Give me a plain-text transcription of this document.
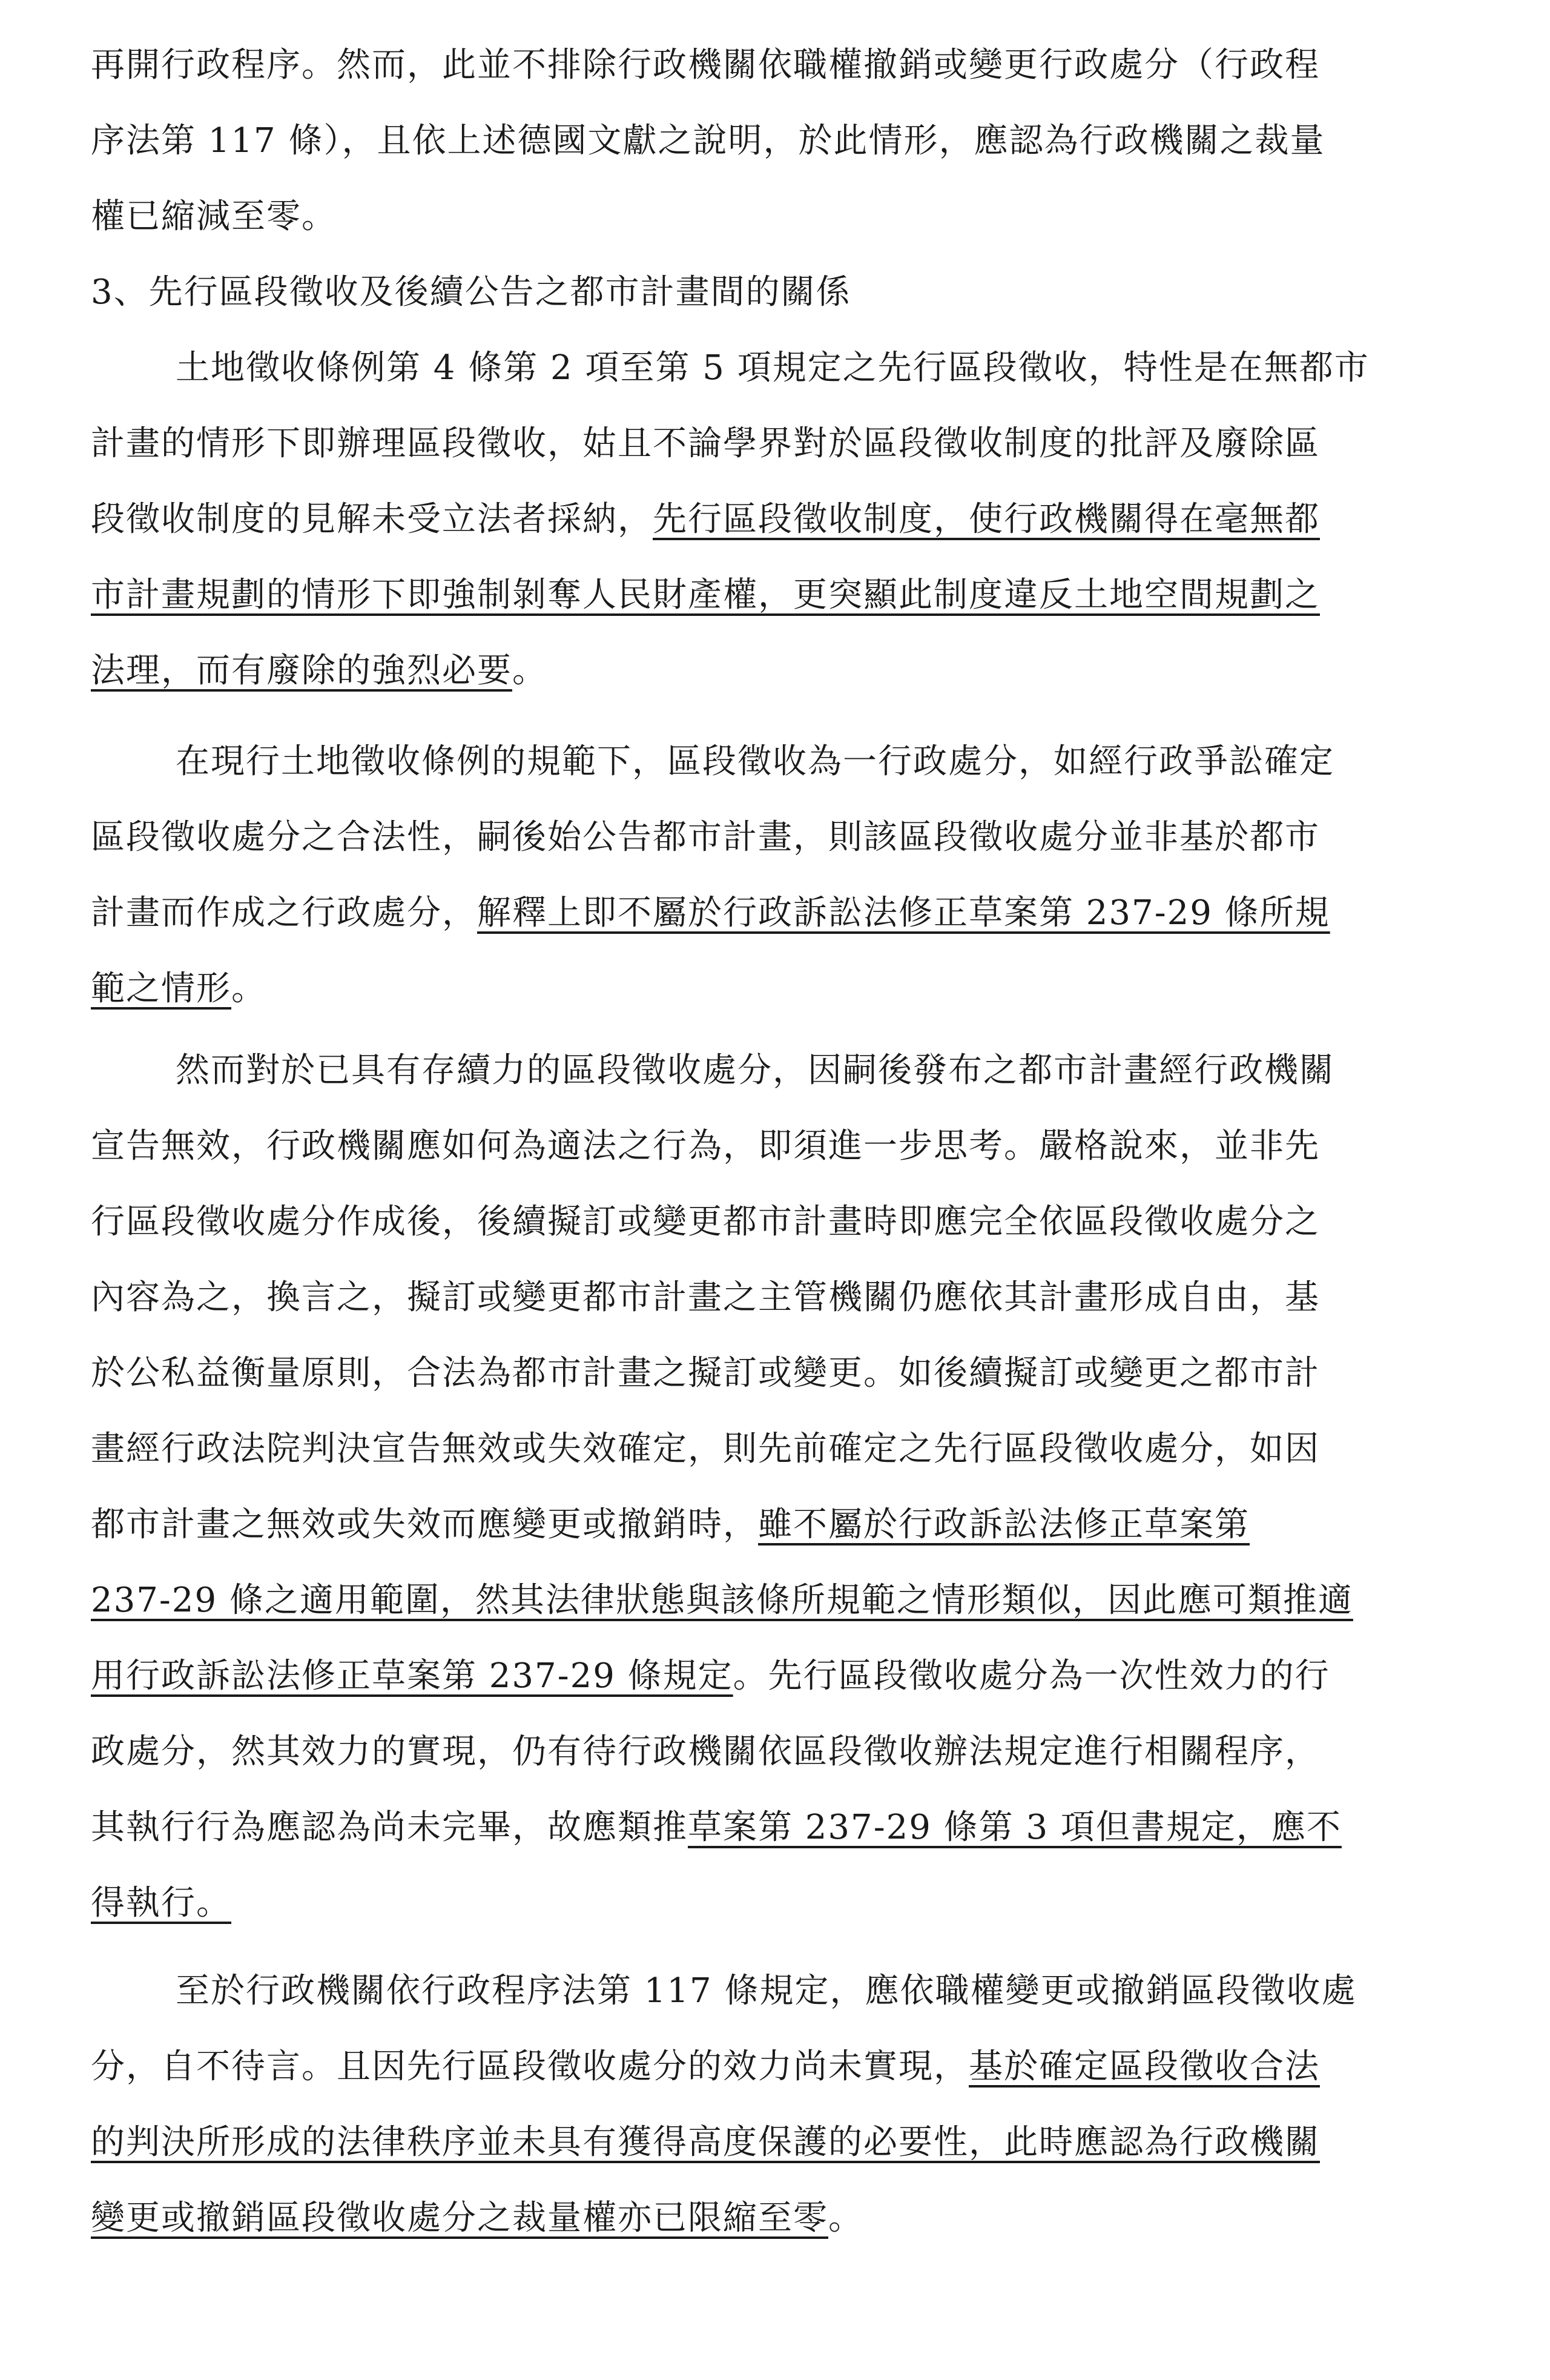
再開行政程序。然而，此並不排除行政機關依職權撤銷或變更行政處分（行政程
序法第 117 條），且依上述德國文獻之說明，於此情形，應認為行政機關之裁量
權已縮減至零。
3、先行區段徵收及後續公告之都市計畫間的關係
土地徵收條例第 4 條第 2 項至第 5 項規定之先行區段徵收，特性是在無都市
計畫的情形下即辦理區段徵收，姑且不論學界對於區段徵收制度的批評及廢除區
段徵收制度的見解未受立法者採納，先行區段徵收制度，使行政機關得在毫無都
市計畫規劃的情形下即強制剝奪人民財產權，更突顯此制度違反土地空間規劃之
法理，而有廢除的強烈必要。
在現行土地徵收條例的規範下，區段徵收為一行政處分，如經行政爭訟確定
區段徵收處分之合法性，嗣後始公告都市計畫，則該區段徵收處分並非基於都市
計畫而作成之行政處分，解釋上即不屬於行政訴訟法修正草案第 237-29 條所規
範之情形。
然而對於已具有存續力的區段徵收處分，因嗣後發布之都市計畫經行政機關
宣告無效，行政機關應如何為適法之行為，即須進一步思考。嚴格說來，並非先
行區段徵收處分作成後，後續擬訂或變更都市計畫時即應完全依區段徵收處分之
內容為之，換言之，擬訂或變更都市計畫之主管機關仍應依其計畫形成自由，基
於公私益衡量原則，合法為都市計畫之擬訂或變更。如後續擬訂或變更之都市計
畫經行政法院判決宣告無效或失效確定，則先前確定之先行區段徵收處分，如因
都市計畫之無效或失效而應變更或撤銷時，雖不屬於行政訴訟法修正草案第
237-29 條之適用範圍，然其法律狀態與該條所規範之情形類似，因此應可類推適
用行政訴訟法修正草案第 237-29 條規定。先行區段徵收處分為一次性效力的行
政處分，然其效力的實現，仍有待行政機關依區段徵收辦法規定進行相關程序，
其執行行為應認為尚未完畢，故應類推草案第 237-29 條第 3 項但書規定，應不
得執行。
至於行政機關依行政程序法第 117 條規定，應依職權變更或撤銷區段徵收處
分，自不待言。且因先行區段徵收處分的效力尚未實現，基於確定區段徵收合法
的判決所形成的法律秩序並未具有獲得高度保護的必要性，此時應認為行政機關
變更或撤銷區段徵收處分之裁量權亦已限縮至零。
